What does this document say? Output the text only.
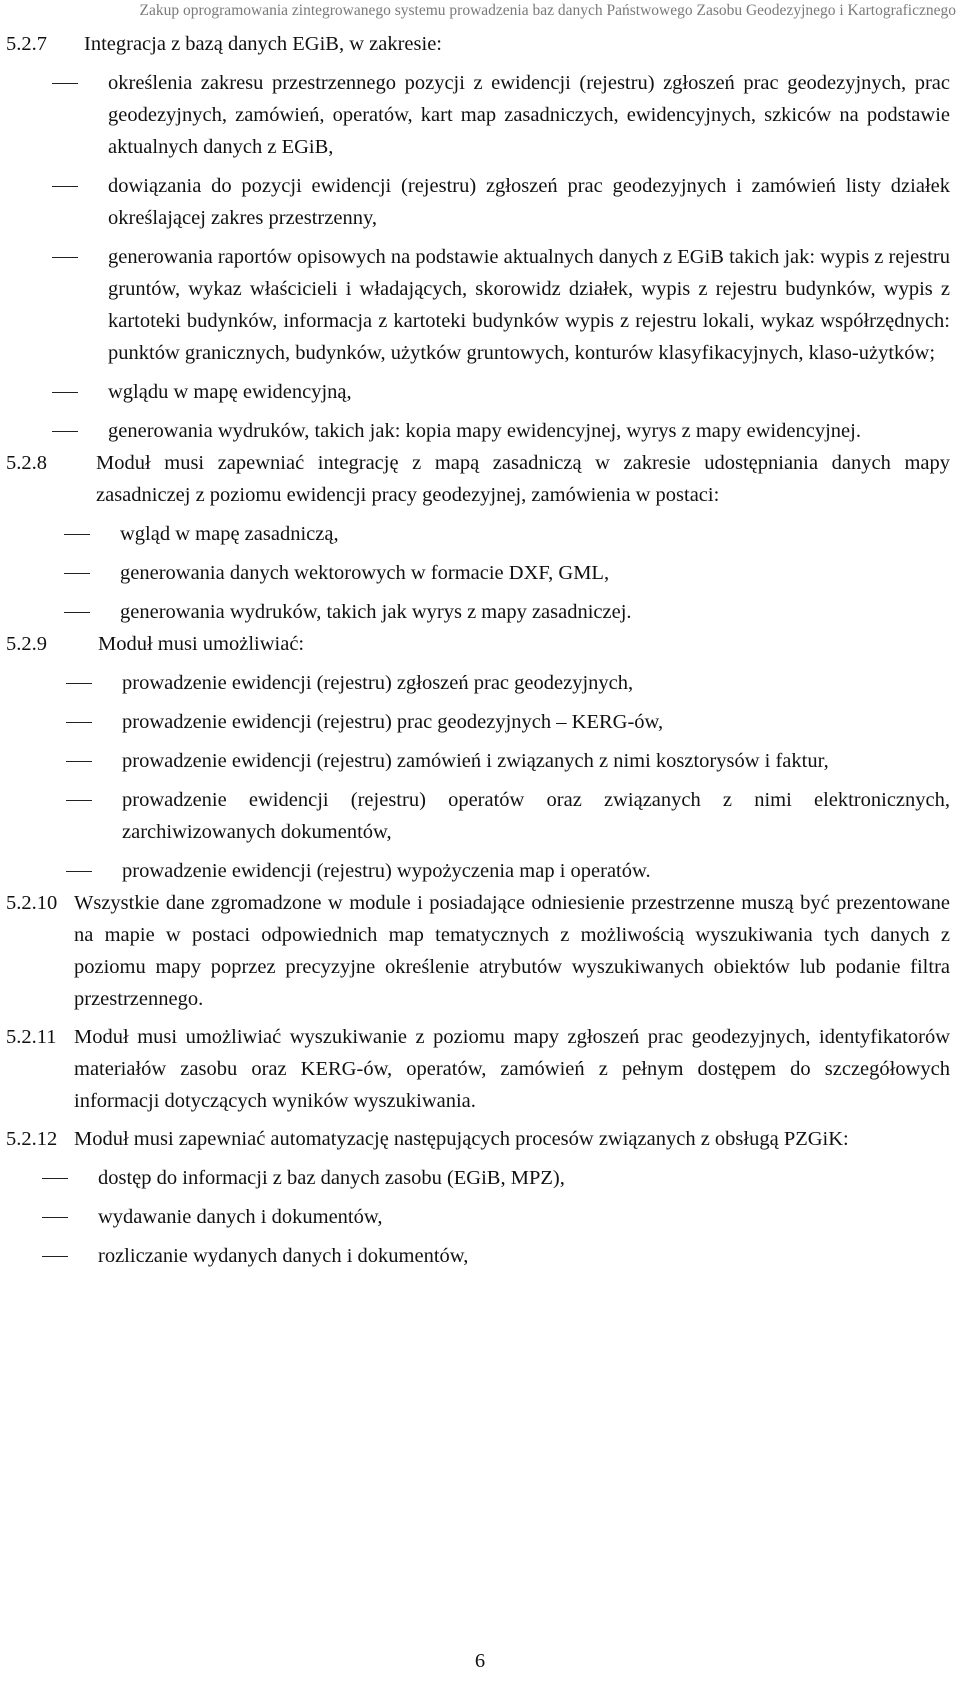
Zakup oprogramowania zintegrowanego systemu prowadzenia baz danych Państwowego Zasobu Geodezyjnego i Kartograficznego
5.2.7	Integracja z bazą danych EGiB, w zakresie:

określenia zakresu przestrzennego pozycji z ewidencji (rejestru) zgłoszeń prac geodezyjnych, prac geodezyjnych, zamówień, operatów, kart map zasadniczych, ewidencyjnych, szkiców na podstawie aktualnych danych z EGiB,
dowiązania do pozycji ewidencji (rejestru) zgłoszeń prac geodezyjnych i zamówień listy działek określającej zakres przestrzenny,
generowania raportów opisowych na podstawie aktualnych danych z EGiB takich jak: wypis z rejestru gruntów, wykaz właścicieli i władających, skorowidz działek, wypis z rejestru budynków, wypis z kartoteki budynków, informacja z kartoteki budynków wypis z rejestru lokali, wykaz współrzędnych: punktów granicznych, budynków, użytków gruntowych, konturów klasyfikacyjnych, klaso-użytków;
wglądu w mapę ewidencyjną,
generowania wydruków, takich jak: kopia mapy ewidencyjnej, wyrys z mapy ewidencyjnej.
5.2.8	Moduł musi zapewniać integrację z mapą zasadniczą w zakresie udostępniania danych mapy zasadniczej z poziomu ewidencji pracy geodezyjnej, zamówienia w postaci:

wgląd w mapę zasadniczą,
generowania danych wektorowych w formacie DXF, GML,
generowania wydruków, takich jak wyrys z mapy zasadniczej.
5.2.9	Moduł musi umożliwiać:

prowadzenie ewidencji (rejestru) zgłoszeń prac geodezyjnych,
prowadzenie ewidencji (rejestru) prac geodezyjnych – KERG-ów,
prowadzenie ewidencji (rejestru) zamówień i związanych z nimi kosztorysów i faktur,
prowadzenie ewidencji (rejestru) operatów oraz związanych z nimi elektronicznych, zarchiwizowanych dokumentów,
prowadzenie ewidencji (rejestru) wypożyczenia map i operatów.
5.2.10 Wszystkie dane zgromadzone w module i posiadające odniesienie przestrzenne muszą być prezentowane na mapie w postaci odpowiednich map tematycznych z możliwością wyszukiwania tych danych z poziomu mapy poprzez precyzyjne określenie atrybutów wyszukiwanych obiektów lub podanie filtra przestrzennego.

5.2.11 Moduł musi umożliwiać wyszukiwanie z poziomu mapy zgłoszeń prac geodezyjnych, identyfikatorów materiałów zasobu oraz KERG-ów, operatów, zamówień z pełnym dostępem do szczegółowych informacji dotyczących wyników wyszukiwania.

5.2.12 Moduł musi zapewniać automatyzację następujących procesów związanych z obsługą PZGiK:

dostęp do informacji z baz danych zasobu (EGiB, MPZ),
wydawanie danych i dokumentów,
rozliczanie wydanych danych i dokumentów,
6
